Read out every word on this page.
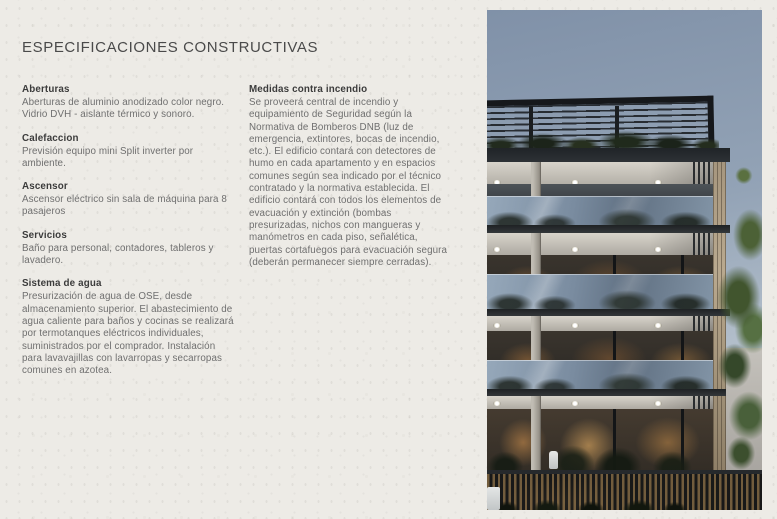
ESPECIFICACIONES CONSTRUCTIVAS
Aberturas

Aberturas de aluminio anodizado color negro. Vidrio DVH - aislante térmico y sonoro.

Calefaccion

Previsión equipo mini Split inverter por ambiente.

Ascensor

Ascensor eléctrico sin sala de máquina para 8 pasajeros

Servicios

Baño para personal, contadores, tableros y lavadero.

Sistema de agua

Presurización de agua de OSE, desde almacenamiento superior. El abastecimiento de agua caliente para baños y cocinas se realizará por termotanques eléctricos individuales, suministrados por el comprador. Instalación para lavavajillas con lavarropas y secarropas comunes en azotea.

Medidas contra incendio

Se proveerá central de incendio y equipamiento de Seguridad según la Normativa de Bomberos DNB (luz de emergencia, extintores, bocas de incendio, etc.). El edificio contará con detectores de humo en cada apartamento y en espacios comunes según sea indicado por el técnico contratado y la normativa establecida. El edificio contará con todos los elementos de evacuación y extinción (bombas presurizadas, nichos con mangueras y manómetros en cada piso, señalética, puertas cortafuegos para evacuación segura (deberán permanecer siempre cerradas).
